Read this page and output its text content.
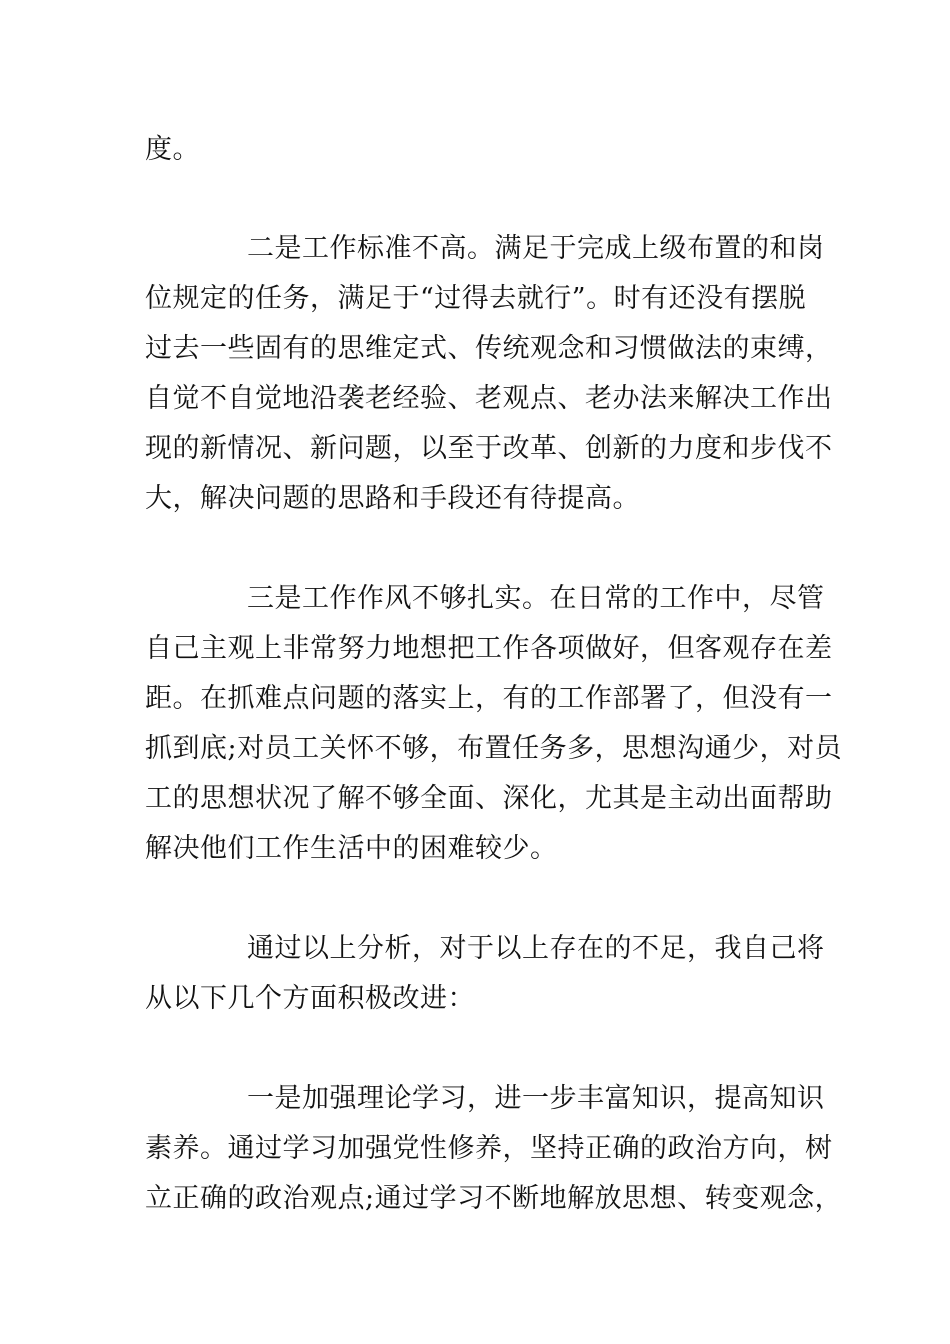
度。
二是工作标准不高。满足于完成上级布置的和岗
位规定的任务，满足于“过得去就行”。时有还没有摆脱
过去一些固有的思维定式、传统观念和习惯做法的束缚，
自觉不自觉地沿袭老经验、老观点、老办法来解决工作出
现的新情况、新问题，以至于改革、创新的力度和步伐不
大，解决问题的思路和手段还有待提高。
三是工作作风不够扎实。在日常的工作中，尽管
自己主观上非常努力地想把工作各项做好，但客观存在差
距。在抓难点问题的落实上，有的工作部署了，但没有一
抓到底;对员工关怀不够，布置任务多，思想沟通少，对员
工的思想状况了解不够全面、深化，尤其是主动出面帮助
解决他们工作生活中的困难较少。
通过以上分析，对于以上存在的不足，我自己将
从以下几个方面积极改进：
一是加强理论学习，进一步丰富知识，提高知识
素养。通过学习加强党性修养，坚持正确的政治方向，树
立正确的政治观点;通过学习不断地解放思想、转变观念，
